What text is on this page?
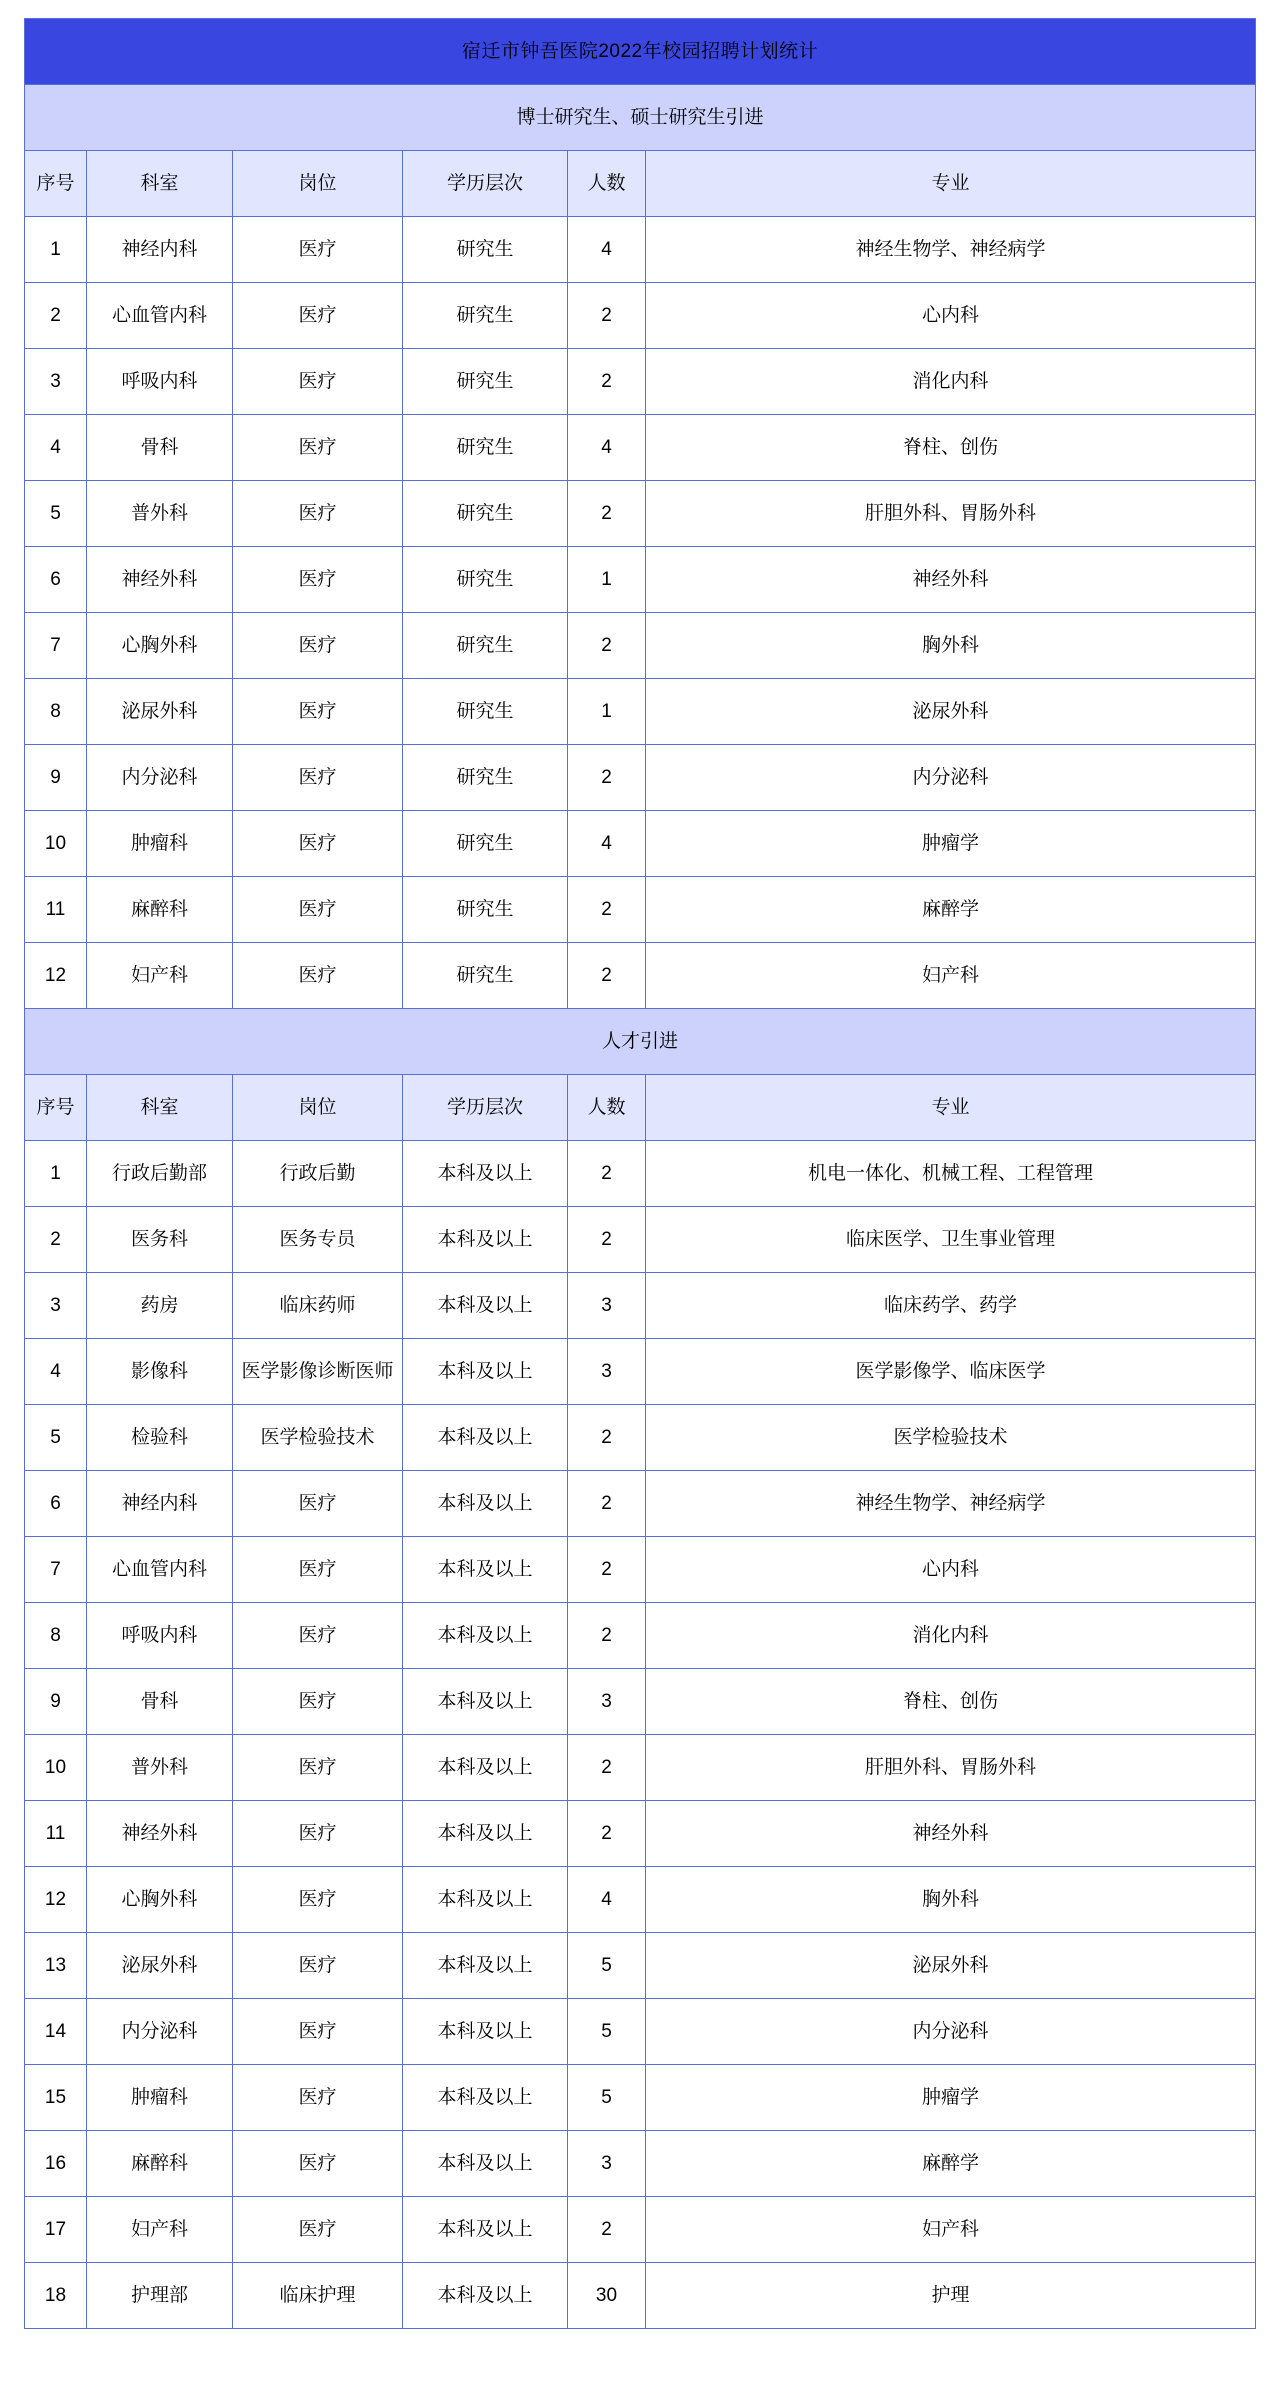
宿迁市钟吾医院2022年校园招聘计划统计					
博士研究生、硕士研究生引进					
序号	科室	岗位	学历层次	人数	专业
1	神经内科	医疗	研究生	4	神经生物学、神经病学
2	心血管内科	医疗	研究生	2	心内科
3	呼吸内科	医疗	研究生	2	消化内科
4	骨科	医疗	研究生	4	脊柱、创伤
5	普外科	医疗	研究生	2	肝胆外科、胃肠外科
6	神经外科	医疗	研究生	1	神经外科
7	心胸外科	医疗	研究生	2	胸外科
8	泌尿外科	医疗	研究生	1	泌尿外科
9	内分泌科	医疗	研究生	2	内分泌科
10	肿瘤科	医疗	研究生	4	肿瘤学
11	麻醉科	医疗	研究生	2	麻醉学
12	妇产科	医疗	研究生	2	妇产科
人才引进					
序号	科室	岗位	学历层次	人数	专业
1	行政后勤部	行政后勤	本科及以上	2	机电一体化、机械工程、工程管理
2	医务科	医务专员	本科及以上	2	临床医学、卫生事业管理
3	药房	临床药师	本科及以上	3	临床药学、药学
4	影像科	医学影像诊断医师	本科及以上	3	医学影像学、临床医学
5	检验科	医学检验技术	本科及以上	2	医学检验技术
6	神经内科	医疗	本科及以上	2	神经生物学、神经病学
7	心血管内科	医疗	本科及以上	2	心内科
8	呼吸内科	医疗	本科及以上	2	消化内科
9	骨科	医疗	本科及以上	3	脊柱、创伤
10	普外科	医疗	本科及以上	2	肝胆外科、胃肠外科
11	神经外科	医疗	本科及以上	2	神经外科
12	心胸外科	医疗	本科及以上	4	胸外科
13	泌尿外科	医疗	本科及以上	5	泌尿外科
14	内分泌科	医疗	本科及以上	5	内分泌科
15	肿瘤科	医疗	本科及以上	5	肿瘤学
16	麻醉科	医疗	本科及以上	3	麻醉学
17	妇产科	医疗	本科及以上	2	妇产科
18	护理部	临床护理	本科及以上	30	护理
